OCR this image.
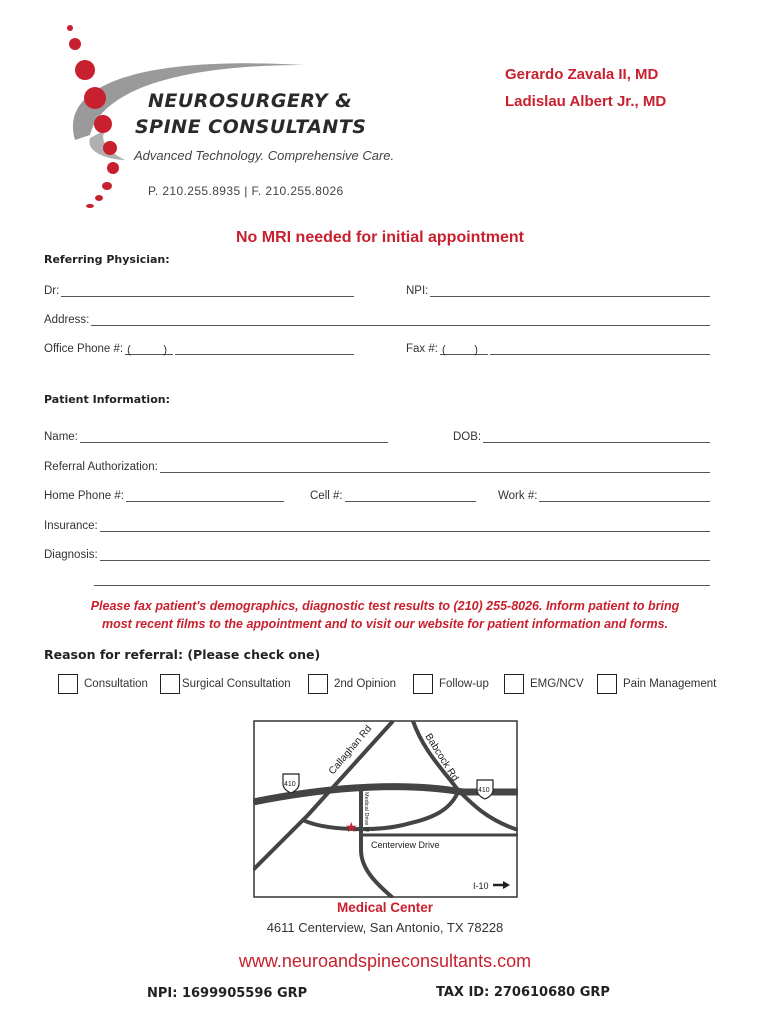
NEUROSURGERY &
SPINE CONSULTANTS
Advanced Technology. Comprehensive Care.
P. 210.255.8935 | F. 210.255.8026
Gerardo Zavala II, MD
Ladislau Albert Jr., MD
No MRI needed for initial appointment
Referring Physician:
Dr:	NPI:
Address:
Office Phone #: (	)	Fax #: (	)
Patient Information:
Name:	DOB:
Referral Authorization:
Home Phone #:	Cell #:	Work #:
Insurance:
Diagnosis:
Please fax patient's demographics, diagnostic test results to (210) 255-8026. Inform patient to bring
most recent films to the appointment and to visit our website for patient information and forms.
Reason for referral: (Please check one)
Consultation	Surgical Consultation	2nd Opinion	Follow-up	EMG/NCV	Pain Management
★
410
410
Callaghan Rd	Babcock Rd
Medical Drive W
Centerview Drive
I-10
Medical Center
4611 Centerview, San Antonio, TX 78228
www.neuroandspineconsultants.com
NPI: 1699905596 GRP	TAX ID: 270610680 GRP
